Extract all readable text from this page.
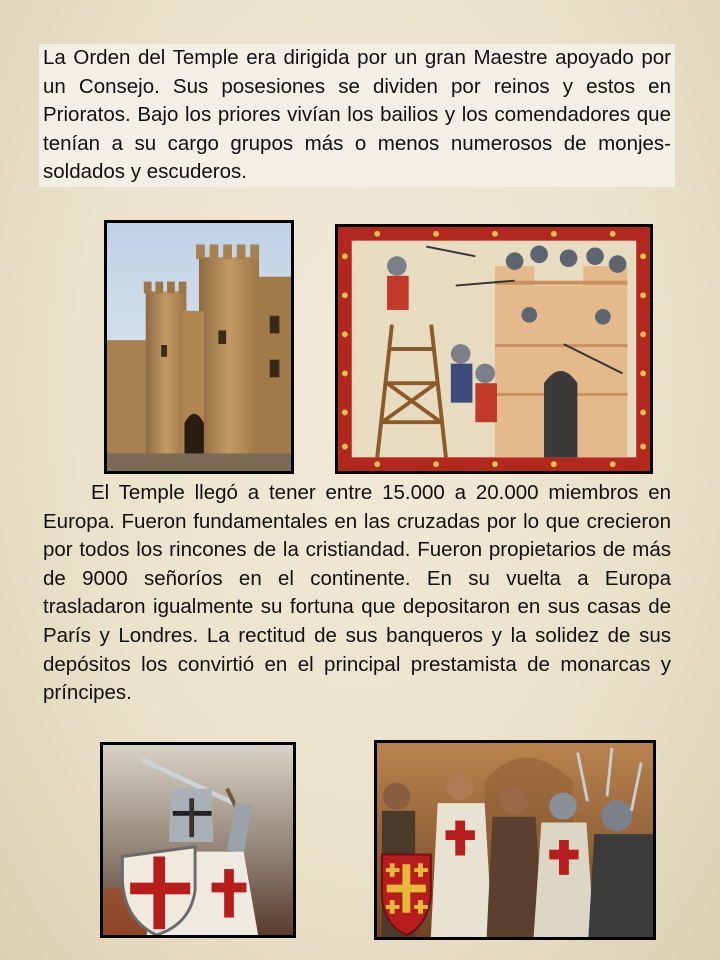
La Orden del Temple era dirigida por un gran Maestre apoyado por un Consejo. Sus posesiones se dividen por reinos y estos en Prioratos. Bajo los priores vivían los bailios y los comendadores que tenían a su cargo grupos más o menos numerosos de monjes-soldados y escuderos.

El Temple llegó a tener entre 15.000 a 20.000 miembros en Europa. Fueron fundamentales en las cruzadas por lo que crecieron por todos los rincones de la cristiandad. Fueron propietarios de más de 9000 señoríos en el continente. En su vuelta a Europa trasladaron igualmente su fortuna que depositaron en sus casas de París y Londres. La rectitud de sus banqueros y la solidez de sus depósitos los convirtió en el principal prestamista de monarcas y príncipes.
